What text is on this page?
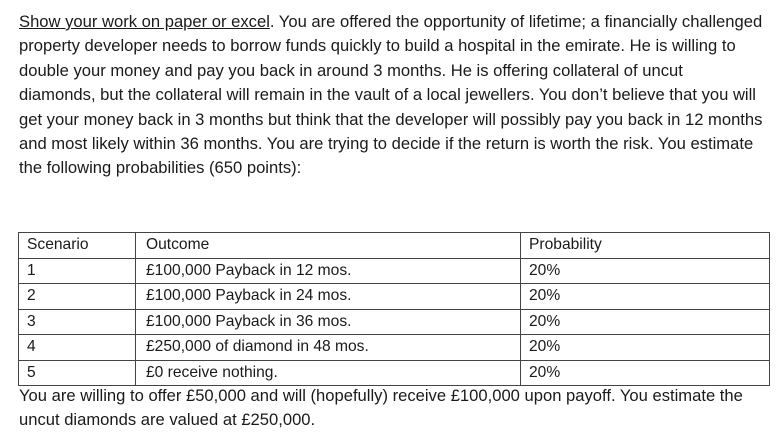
Show your work on paper or excel. You are offered the opportunity of lifetime; a financially challenged property developer needs to borrow funds quickly to build a hospital in the emirate. He is willing to double your money and pay you back in around 3 months. He is offering collateral of uncut diamonds, but the collateral will remain in the vault of a local jewellers. You don’t believe that you will get your money back in 3 months but think that the developer will possibly pay you back in 12 months and most likely within 36 months. You are trying to decide if the return is worth the risk. You estimate the following probabilities (650 points):

Scenario	Outcome	Probability
1	£100,000 Payback in 12 mos.	20%
2	£100,000 Payback in 24 mos.	20%
3	£100,000 Payback in 36 mos.	20%
4	£250,000 of diamond in 48 mos.	20%
5	£0 receive nothing.	20%

You are willing to offer £50,000 and will (hopefully) receive £100,000 upon payoff. You estimate the uncut diamonds are valued at £250,000.
